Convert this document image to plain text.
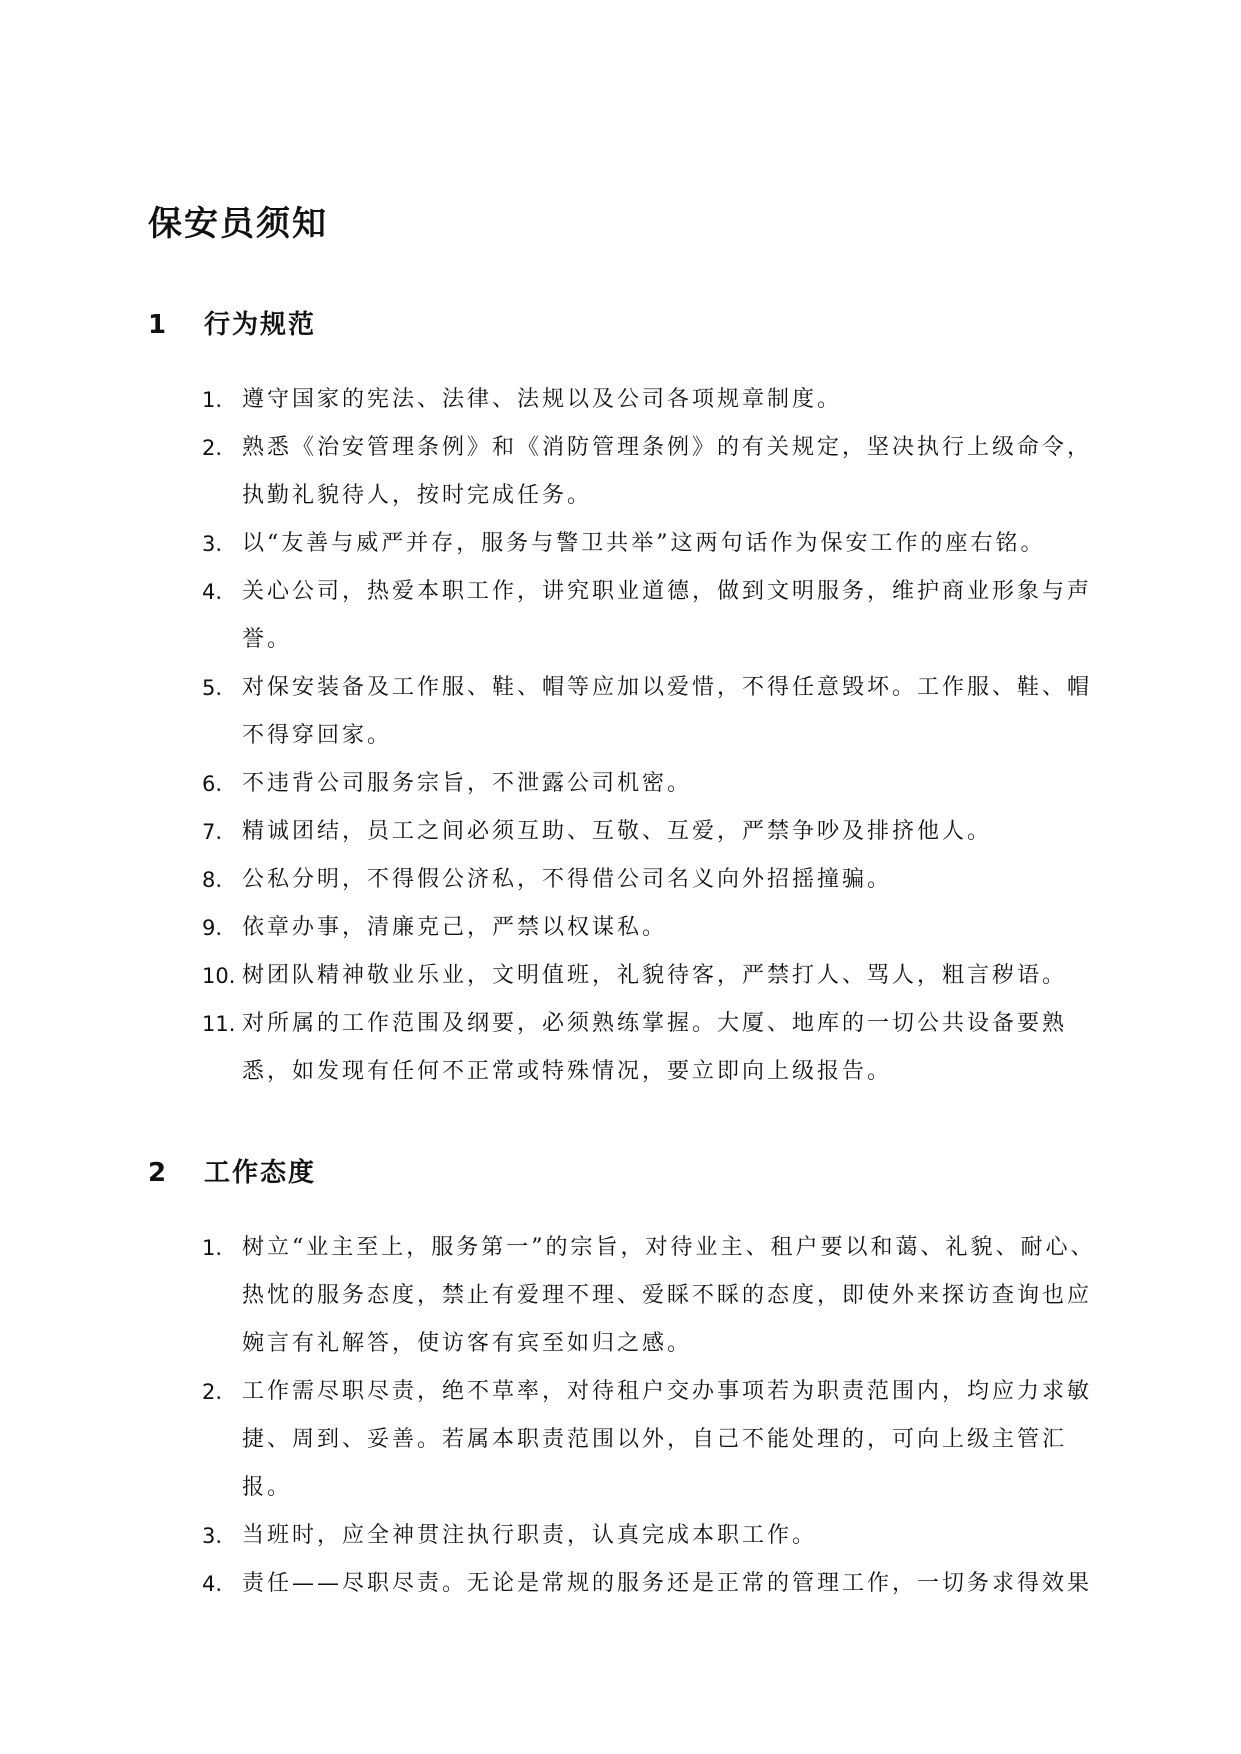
保安员须知
1 行为规范
1. 遵守国家的宪法、法律、法规以及公司各项规章制度。
2. 熟悉《治安管理条例》和《消防管理条例》的有关规定，坚决执行上级命令，执勤礼貌待人，按时完成任务。
3. 以“友善与威严并存，服务与警卫共举”这两句话作为保安工作的座右铭。
4. 关心公司，热爱本职工作，讲究职业道德，做到文明服务，维护商业形象与声誉。
5. 对保安装备及工作服、鞋、帽等应加以爱惜，不得任意毁坏。工作服、鞋、帽不得穿回家。
6. 不违背公司服务宗旨，不泄露公司机密。
7. 精诚团结，员工之间必须互助、互敬、互爱，严禁争吵及排挤他人。
8. 公私分明，不得假公济私，不得借公司名义向外招摇撞骗。
9. 依章办事，清廉克己，严禁以权谋私。
10. 树团队精神敬业乐业，文明值班，礼貌待客，严禁打人、骂人，粗言秽语。
11. 对所属的工作范围及纲要，必须熟练掌握。大厦、地库的一切公共设备要熟悉，如发现有任何不正常或特殊情况，要立即向上级报告。
2 工作态度
1. 树立“业主至上，服务第一”的宗旨，对待业主、租户要以和蔼、礼貌、耐心、热忱的服务态度，禁止有爱理不理、爱睬不睬的态度，即使外来探访查询也应婉言有礼解答，使访客有宾至如归之感。
2. 工作需尽职尽责，绝不草率，对待租户交办事项若为职责范围内，均应力求敏捷、周到、妥善。若属本职责范围以外，自己不能处理的，可向上级主管汇报。
3. 当班时，应全神贯注执行职责，认真完成本职工作。
4. 责任——尽职尽责。无论是常规的服务还是正常的管理工作，一切务求得效果
